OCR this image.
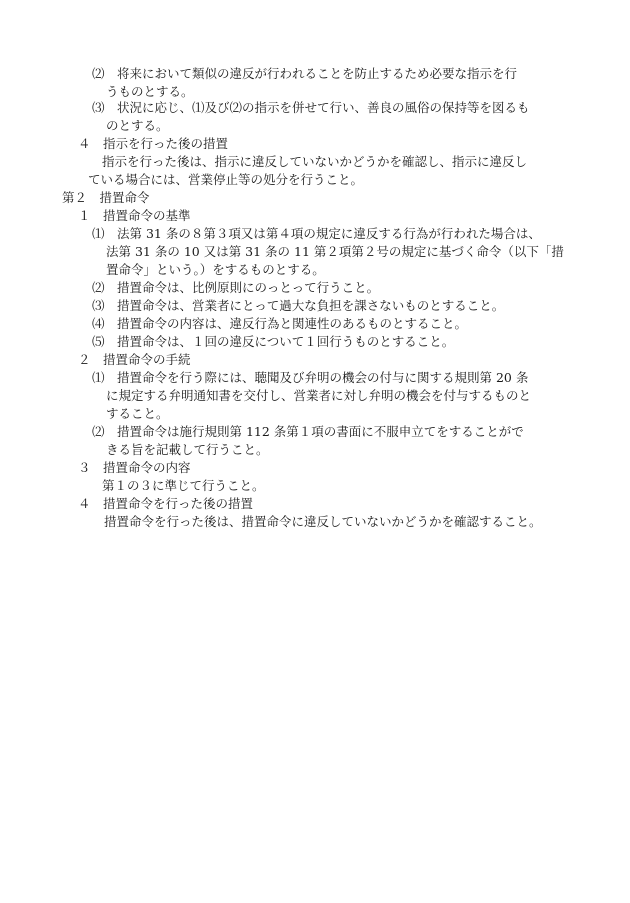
⑵　将来において類似の違反が行われることを防止するため必要な指示を行
うものとする。
⑶　状況に応じ、⑴及び⑵の指示を併せて行い、善良の風俗の保持等を図るも
のとする。
４　指示を行った後の措置
指示を行った後は、指示に違反していないかどうかを確認し、指示に違反し
ている場合には、営業停止等の処分を行うこと。
第２　措置命令
１　措置命令の基準
⑴　法第 31 条の８第３項又は第４項の規定に違反する行為が行われた場合は、
法第 31 条の 10 又は第 31 条の 11 第２項第２号の規定に基づく命令（以下「措
置命令」という。）をするものとする。
⑵　措置命令は、比例原則にのっとって行うこと。
⑶　措置命令は、営業者にとって過大な負担を課さないものとすること。
⑷　措置命令の内容は、違反行為と関連性のあるものとすること。
⑸　措置命令は、１回の違反について１回行うものとすること。
２　措置命令の手続
⑴　措置命令を行う際には、聴聞及び弁明の機会の付与に関する規則第 20 条
に規定する弁明通知書を交付し、営業者に対し弁明の機会を付与するものと
すること。
⑵　措置命令は施行規則第 112 条第１項の書面に不服申立てをすることがで
きる旨を記載して行うこと。
３　措置命令の内容
第１の３に準じて行うこと。
４　措置命令を行った後の措置
措置命令を行った後は、措置命令に違反していないかどうかを確認すること。
